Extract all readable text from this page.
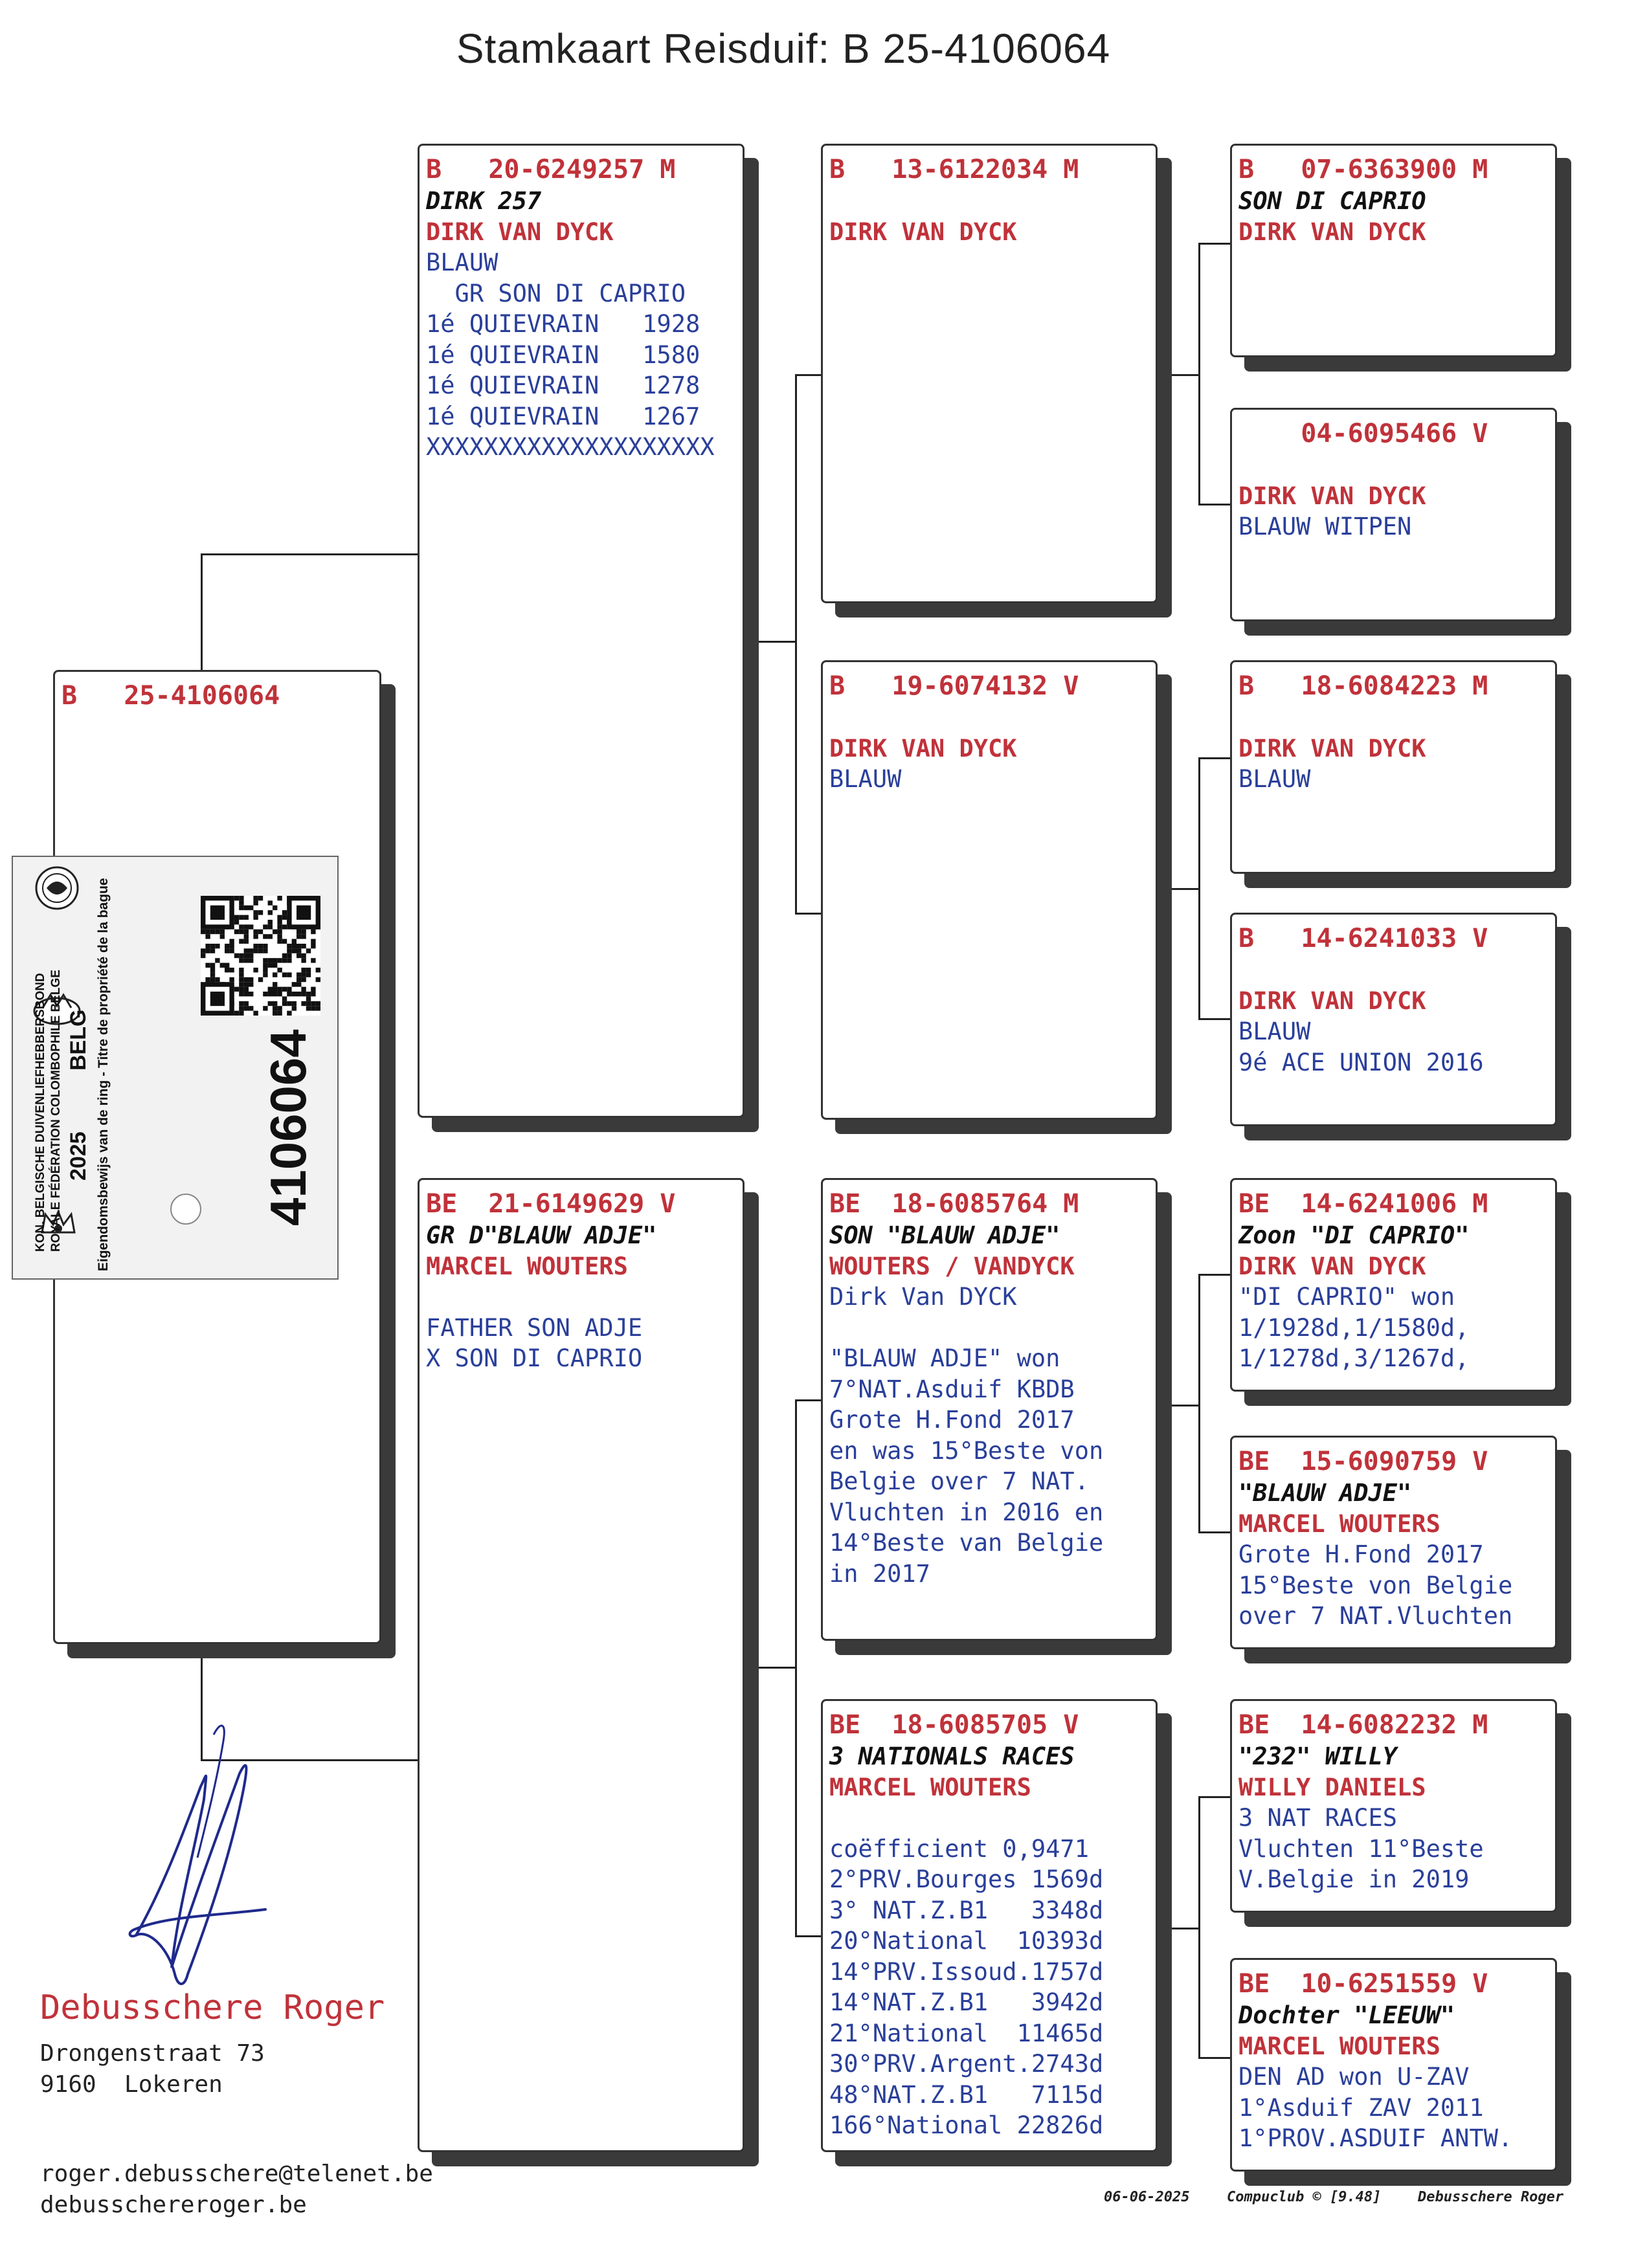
Stamkaart Reisduif: B 25-4106064
B   25-4106064
B   20-6249257 M
DIRK 257
DIRK VAN DYCK
BLAUW
GR SON DI CAPRIO
1é QUIEVRAIN   1928
1é QUIEVRAIN   1580
1é QUIEVRAIN   1278
1é QUIEVRAIN   1267
XXXXXXXXXXXXXXXXXXXX
BE  21-6149629 V
GR D"BLAUW ADJE"
MARCEL WOUTERS

FATHER SON ADJE
X SON DI CAPRIO
B   13-6122034 M

DIRK VAN DYCK
B   19-6074132 V

DIRK VAN DYCK
BLAUW
BE  18-6085764 M
SON "BLAUW ADJE"
WOUTERS / VANDYCK
Dirk Van DYCK

"BLAUW ADJE" won
7°NAT.Asduif KBDB
Grote H.Fond 2017
en was 15°Beste von
Belgie over 7 NAT.
Vluchten in 2016 en
14°Beste van Belgie
in 2017
BE  18-6085705 V
3 NATIONALS RACES
MARCEL WOUTERS

coëfficient 0,9471
2°PRV.Bourges 1569d
3° NAT.Z.B1   3348d
20°National  10393d
14°PRV.Issoud.1757d
14°NAT.Z.B1   3942d
21°National  11465d
30°PRV.Argent.2743d
48°NAT.Z.B1   7115d
166°National 22826d
B   07-6363900 M
SON DI CAPRIO
DIRK VAN DYCK
04-6095466 V

DIRK VAN DYCK
BLAUW WITPEN
B   18-6084223 M

DIRK VAN DYCK
BLAUW
B   14-6241033 V

DIRK VAN DYCK
BLAUW
9é ACE UNION 2016
BE  14-6241006 M
Zoon "DI CAPRIO"
DIRK VAN DYCK
"DI CAPRIO" won
1/1928d,1/1580d,
1/1278d,3/1267d,
BE  15-6090759 V
"BLAUW ADJE"
MARCEL WOUTERS
Grote H.Fond 2017
15°Beste von Belgie
over 7 NAT.Vluchten
BE  14-6082232 M
"232" WILLY
WILLY DANIELS
3 NAT RACES
Vluchten 11°Beste
V.Belgie in 2019
BE  10-6251559 V
Dochter "LEEUW"
MARCEL WOUTERS
DEN AD won U-ZAV
1°Asduif ZAV 2011
1°PROV.ASDUIF ANTW.
KON. BELGISCHE DUIVENLIEFHEBBERSBOND ROYALE FÉDÉRATION COLOMBOPHILE BELGE 2025
BELG Eigendomsbewijs van de ring - Titre de propriété de la bague	4106064
Debusschere Roger
Drongenstraat 73
9160  Lokeren
roger.debusschere@telenet.be
debusschereroger.be	06-06-2025	Compuclub © [9.48]	Debusschere Roger
